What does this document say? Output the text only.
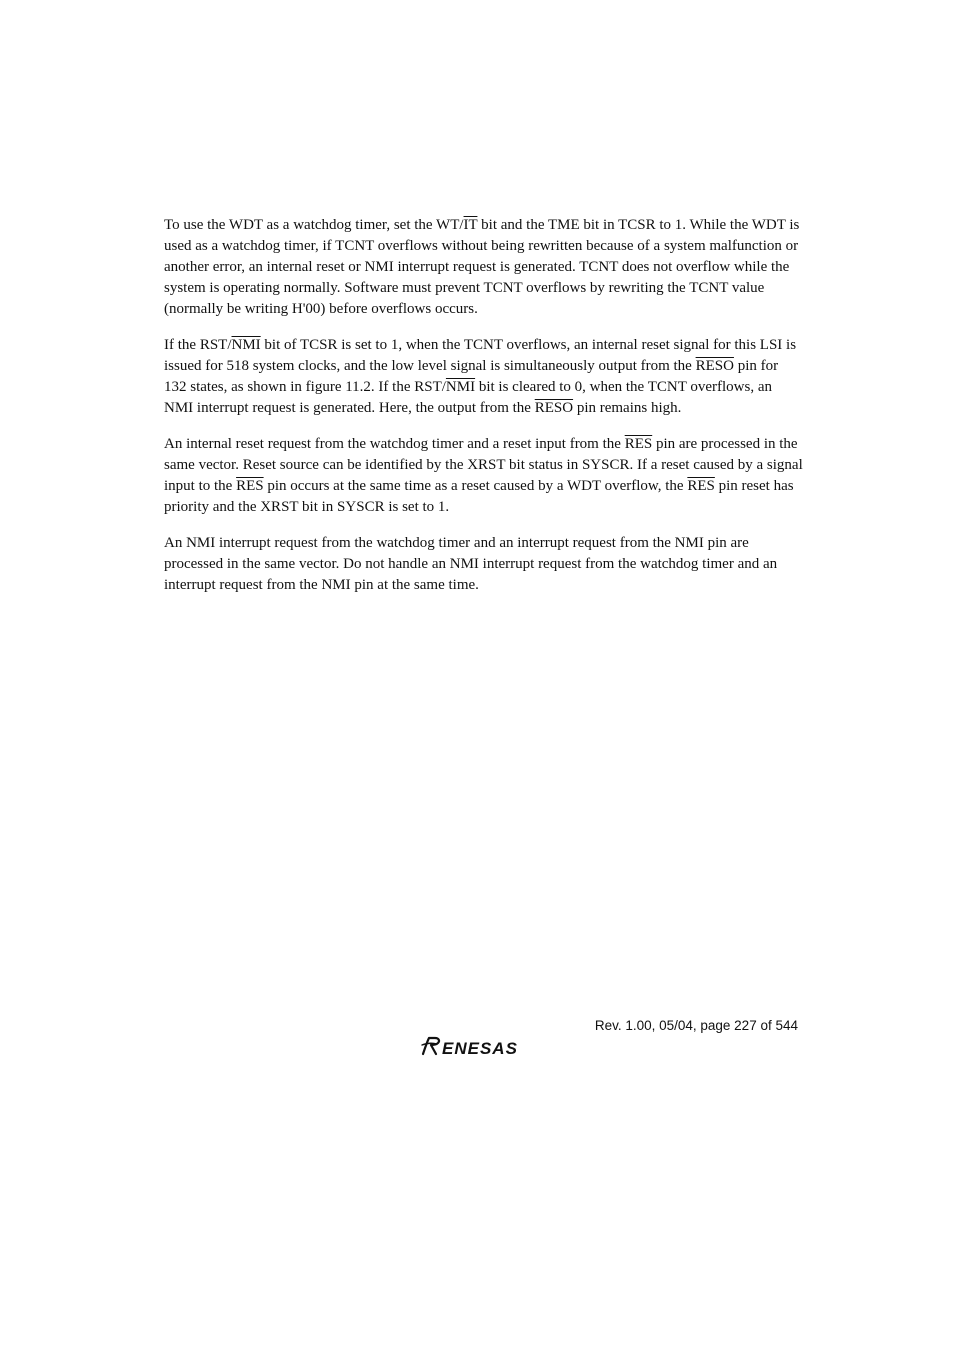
To use the WDT as a watchdog timer, set the $WT/\overline{IT}$ bit and the TME bit in TCSR to 1. While the WDT is used as a watchdog timer, if TCNT overflows without being rewritten because of a system malfunction or another error, an internal reset or NMI interrupt request is generated. TCNT does not overflow while the system is operating normally. Software must prevent TCNT overflows by rewriting the TCNT value (normally be writing H'00) before overflows occurs.

If the RST/$\overline{NMI}$ bit of TCSR is set to 1, when the TCNT overflows, an internal reset signal for this LSI is issued for 518 system clocks, and the low level signal is simultaneously output from the RESO pin for 132 states, as shown in figure 11.2. If the RST/$\overline{NMI}$ bit is cleared to 0, when the TCNT overflows, an NMI interrupt request is generated. Here, the output from the RESO pin remains high.

An internal reset request from the watchdog timer and a reset input from the $\overline{RES}$ pin are processed in the same vector. Reset source can be identified by the XRST bit status in SYSCR. If a reset caused by a signal input to the $\overline{RES}$ pin occurs at the same time as a reset caused by a WDT overflow, the $\overline{RES}$ pin reset has priority and the XRST bit in SYSCR is set to 1.

An NMI interrupt request from the watchdog timer and an interrupt request from the NMI pin are processed in the same vector. Do not handle an NMI interrupt request from the watchdog timer and an interrupt request from the NMI pin at the same time.

Rev. 1.00, 05/04, page 227 of 544
ENESAS
